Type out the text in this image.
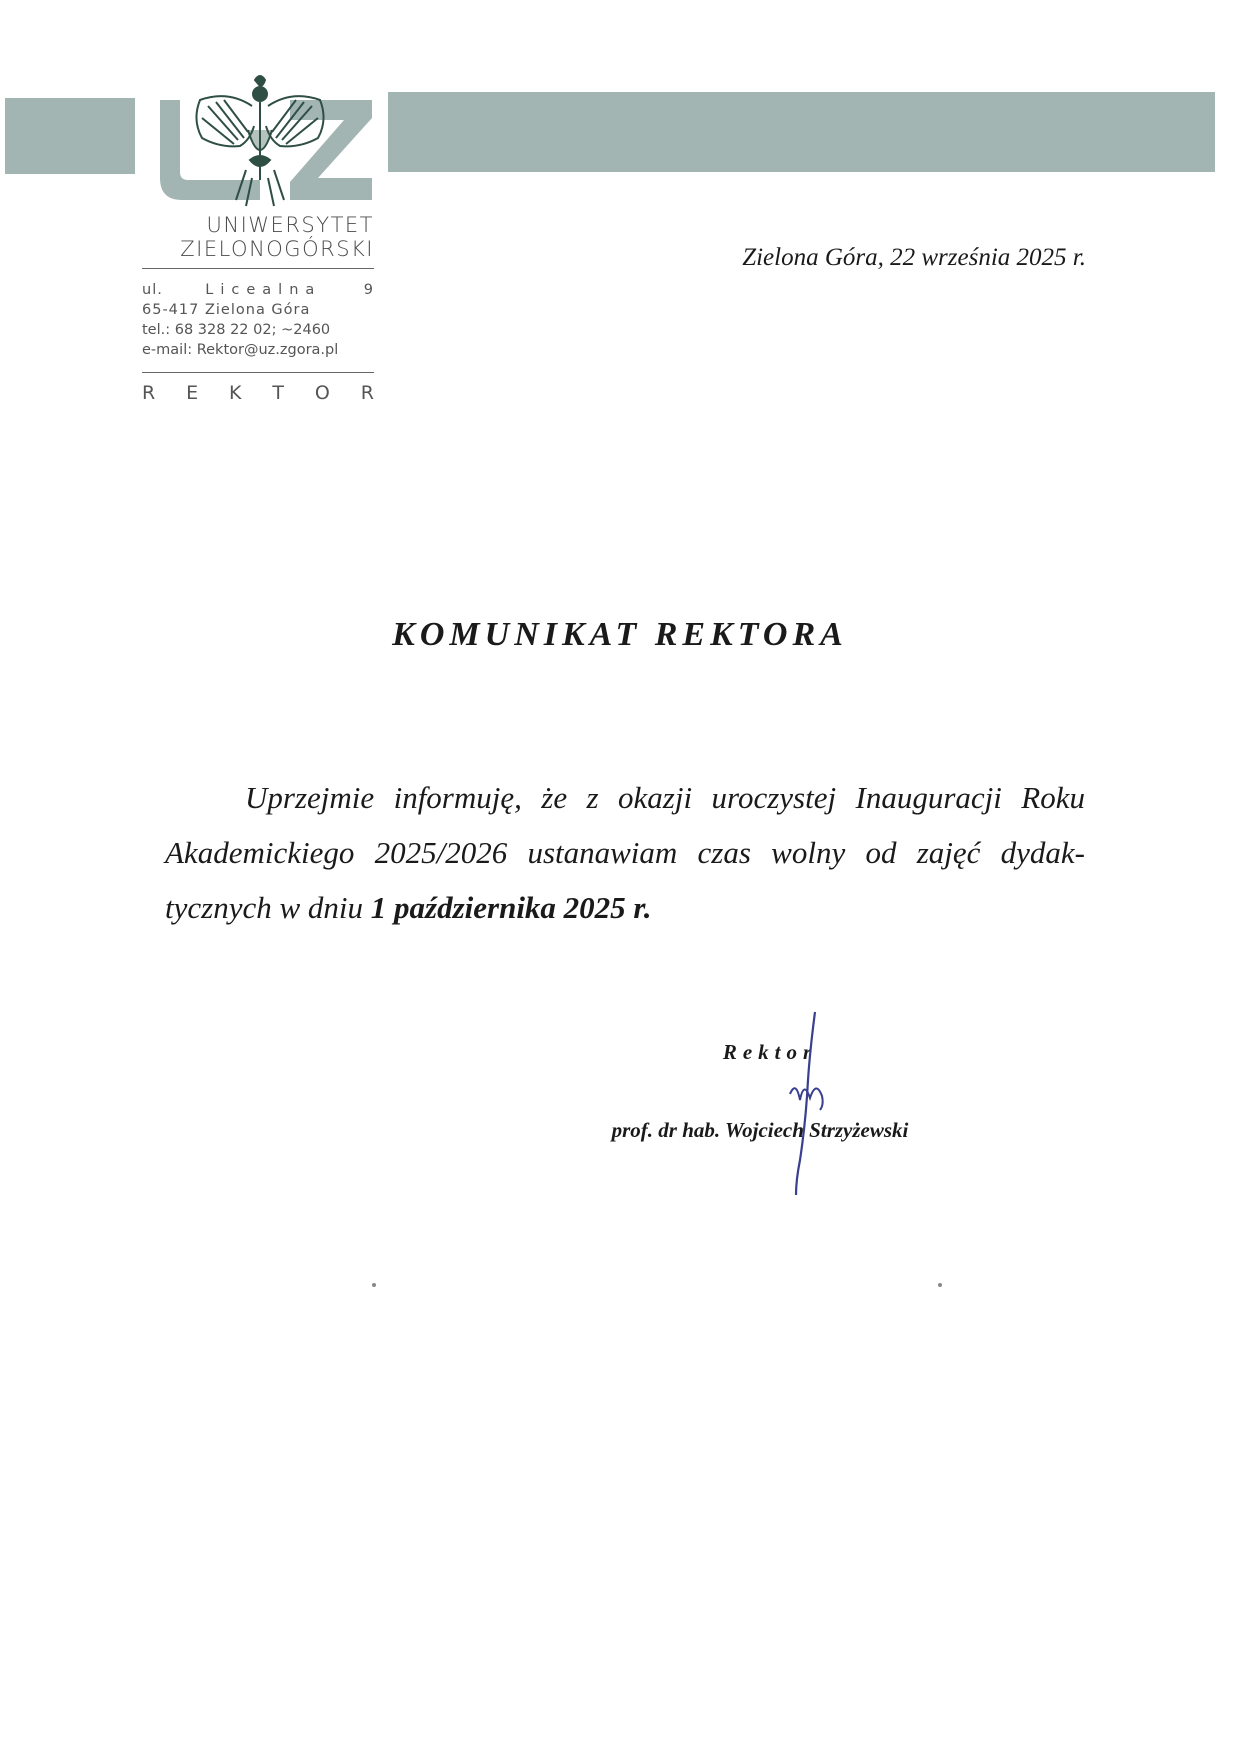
UNIWERSYTET
ZIELONOGÓRSKI
ul.	Licealna	9
65-417 Zielona Góra
tel.: 68 328 22 02; ~2460
e-mail: Rektor@uz.zgora.pl
R E K T O R
Zielona Góra, 22 września 2025 r.
KOMUNIKAT REKTORA
Uprzejmie informuję, że z okazji uroczystej Inauguracji Roku
Akademickiego 2025/2026 ustanawiam czas wolny od zajęć dydak-
tycznych w dniu 1 października 2025 r.
Rektor
prof. dr hab. Wojciech Strzyżewski
